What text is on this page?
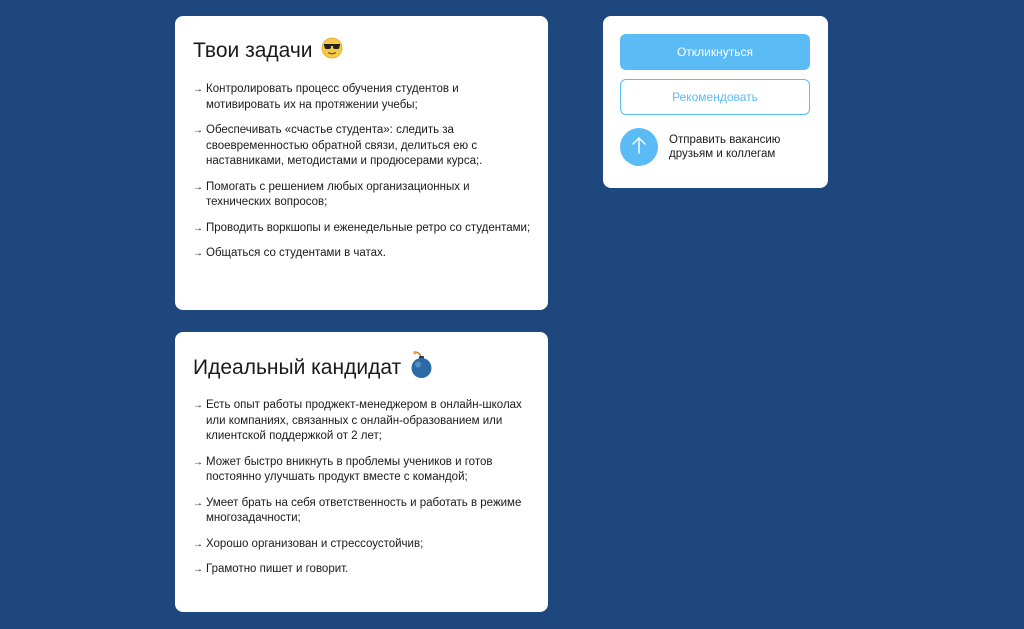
Твои задачи
→ Контролировать процесс обучения студентов и мотивировать их на протяжении учебы;
→ Обеспечивать «счастье студента»: следить за своевременностью обратной связи, делиться ею с наставниками, методистами и продюсерами курса;.
→ Помогать с решением любых организационных и технических вопросов;
→ Проводить воркшопы и еженедельные ретро со студентами;
→ Общаться со студентами в чатах.
Идеальный кандидат
→ Есть опыт работы проджект-менеджером в онлайн-школах или компаниях, связанных с онлайн-образованием или клиентской поддержкой от 2 лет;
→ Может быстро вникнуть в проблемы учеников и готов постоянно улучшать продукт вместе с командой;
→ Умеет брать на себя ответственность и работать в режиме многозадачности;
→ Хорошо организован и стрессоустойчив;
→ Грамотно пишет и говорит.
Откликнуться
Рекомендовать
Отправить вакансию друзьям и коллегам
